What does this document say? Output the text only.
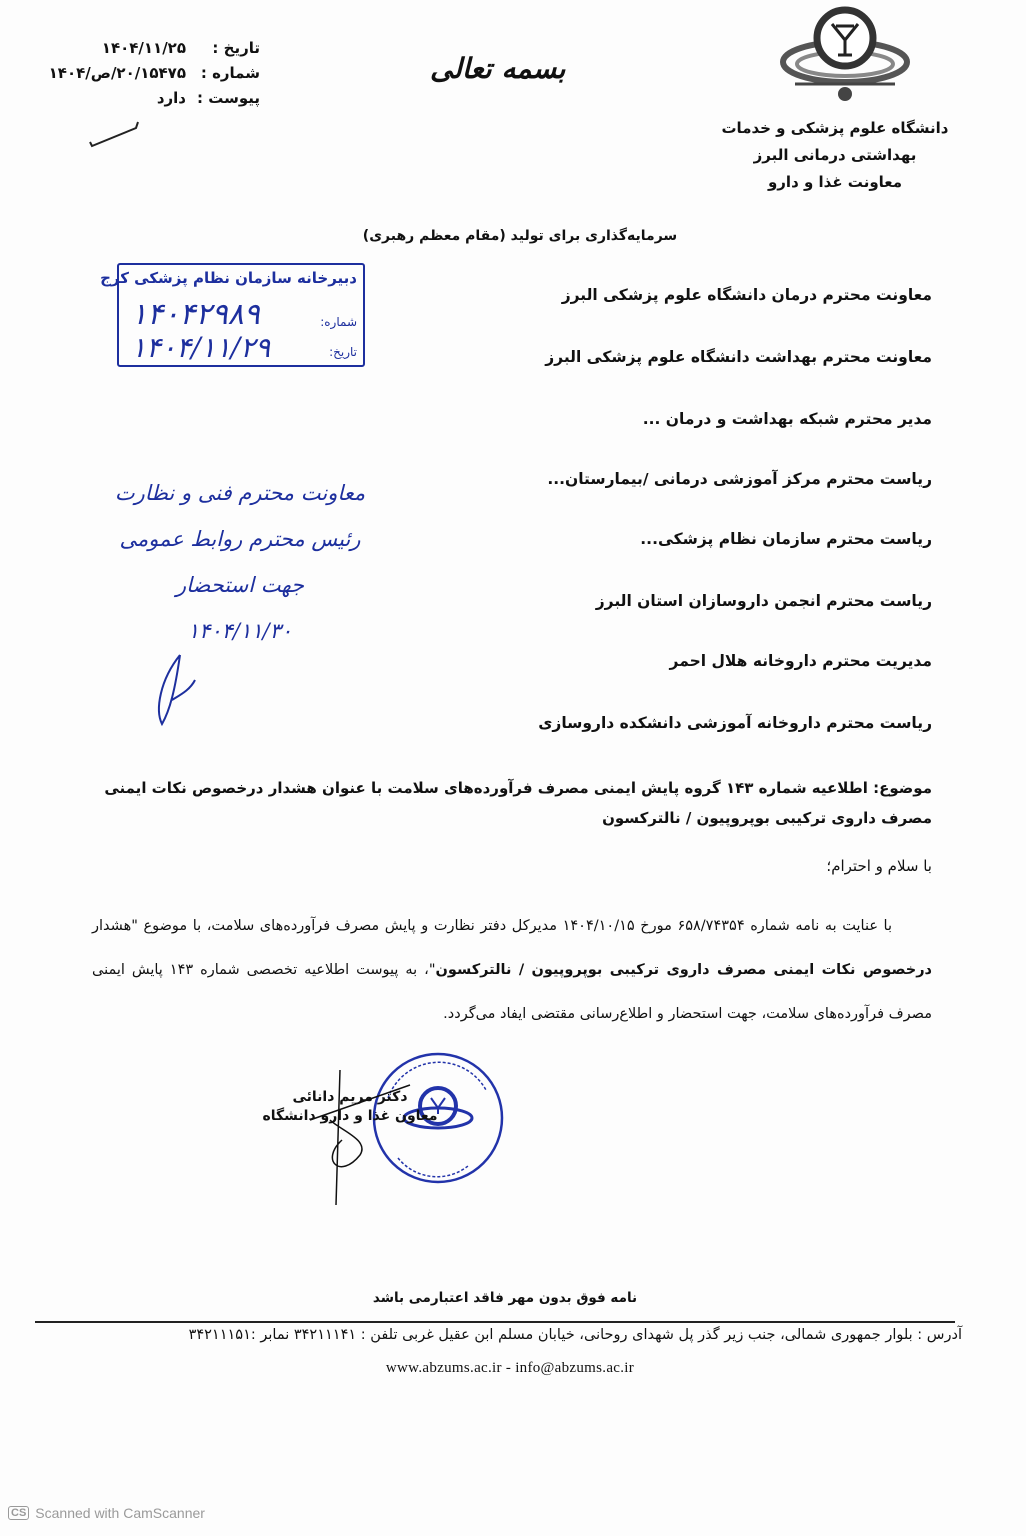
تاریخ :
۱۴۰۴/۱۱/۲۵
شماره :
۲۰/۱۵۴۷۵/ص/۱۴۰۴
پیوست :
دارد
بسمه تعالی
دانشگاه علوم پزشکی و خدمات
بهداشتی درمانی البرز
معاونت غذا و دارو
سرمایه‌گذاری برای تولید (مقام معظم رهبری)
دبیرخانه سازمان نظام پزشکی کرج
شماره:
تاریخ:
۱۴۰۴۲۹۸۹
۱۴۰۴/۱۱/۲۹
معاونت محترم درمان دانشگاه علوم پزشکی البرز
معاونت محترم بهداشت دانشگاه علوم پزشکی البرز
مدیر محترم شبکه بهداشت و درمان ...
ریاست محترم مرکز آموزشی درمانی /بیمارستان...
ریاست محترم سازمان نظام پزشکی...
ریاست محترم انجمن داروسازان استان البرز
مدیریت محترم داروخانه هلال احمر
ریاست محترم داروخانه آموزشی دانشکده داروسازی
معاونت محترم فنی و نظارت
رئیس محترم روابط عمومی
جهت استحضار
۱۴۰۴/۱۱/۳۰
موضوع: اطلاعیه شماره ۱۴۳ گروه پایش ایمنی مصرف فرآورده‌های سلامت با عنوان هشدار درخصوص نکات ایمنی مصرف داروی ترکیبی بوپروپیون / نالترکسون
با سلام و احترام؛
با عنایت به نامه شماره ۶۵۸/۷۴۳۵۴ مورخ ۱۴۰۴/۱۰/۱۵ مدیرکل دفتر نظارت و پایش مصرف فرآورده‌های سلامت، با موضوع "هشدار درخصوص نکات ایمنی مصرف داروی ترکیبی بوپروپیون / نالترکسون"، به پیوست اطلاعیه تخصصی شماره ۱۴۳ پایش ایمنی مصرف فرآورده‌های سلامت، جهت استحضار و اطلاع‌رسانی مقتضی ایفاد می‌گردد.
دکتر مریم دانائی
معاون غذا و دارو دانشگاه
نامه فوق بدون مهر فاقد اعتبارمی باشد
آدرس : بلوار جمهوری شمالی، جنب زیر گذر پل شهدای روحانی، خیابان مسلم ابن عقیل غربی تلفن : ۳۴۲۱۱۱۴۱ نمابر :۳۴۲۱۱۱۵۱
www.abzums.ac.ir - info@abzums.ac.ir
CS Scanned with CamScanner
